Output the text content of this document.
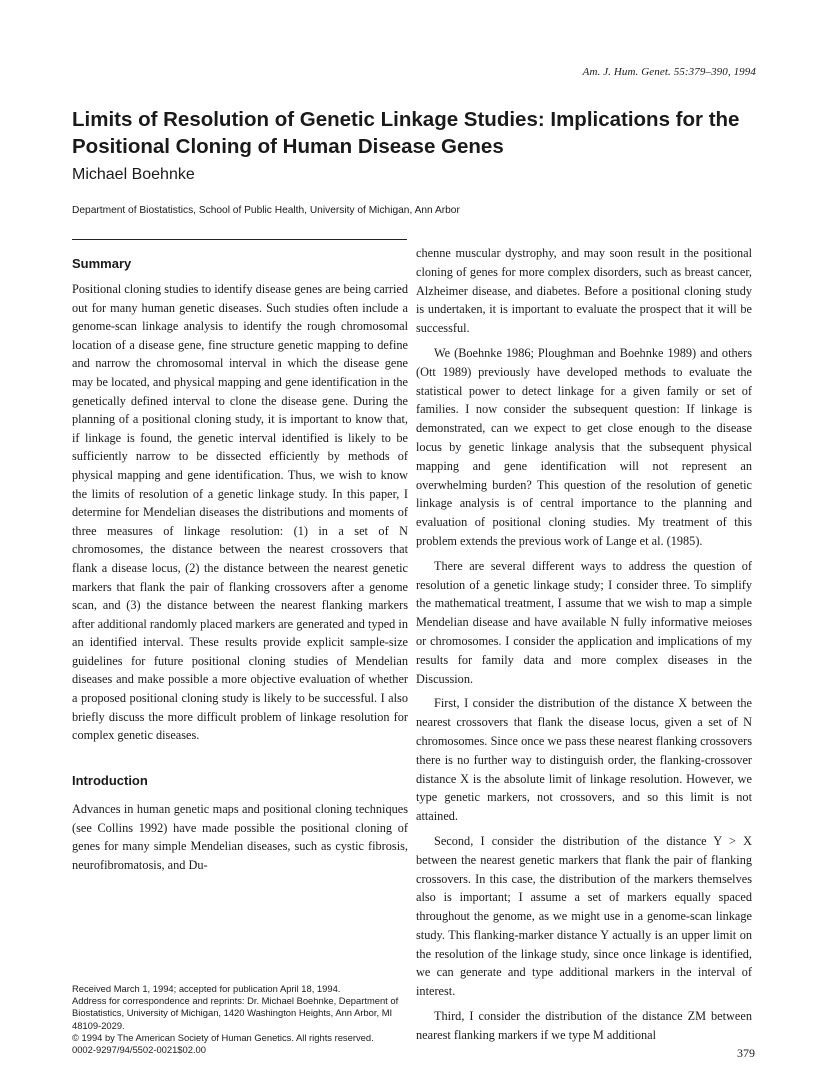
Am. J. Hum. Genet. 55:379–390, 1994
Limits of Resolution of Genetic Linkage Studies: Implications for the Positional Cloning of Human Disease Genes
Michael Boehnke
Department of Biostatistics, School of Public Health, University of Michigan, Ann Arbor
Summary

Positional cloning studies to identify disease genes are being carried out for many human genetic diseases. Such studies often include a genome-scan linkage analysis to identify the rough chromosomal location of a disease gene, fine structure genetic mapping to define and narrow the chromosomal interval in which the disease gene may be located, and physical mapping and gene identification in the genetically defined interval to clone the disease gene. During the planning of a positional cloning study, it is important to know that, if linkage is found, the genetic interval identified is likely to be sufficiently narrow to be dissected efficiently by methods of physical mapping and gene identification. Thus, we wish to know the limits of resolution of a genetic linkage study. In this paper, I determine for Mendelian diseases the distributions and moments of three measures of linkage resolution: (1) in a set of N chromosomes, the distance between the nearest crossovers that flank a disease locus, (2) the distance between the nearest genetic markers that flank the pair of flanking crossovers after a genome scan, and (3) the distance between the nearest flanking markers after additional randomly placed markers are generated and typed in an identified interval. These results provide explicit sample-size guidelines for future positional cloning studies of Mendelian diseases and make possible a more objective evaluation of whether a proposed positional cloning study is likely to be successful. I also briefly discuss the more difficult problem of linkage resolution for complex genetic diseases.

Introduction

Advances in human genetic maps and positional cloning techniques (see Collins 1992) have made possible the positional cloning of genes for many simple Mendelian diseases, such as cystic fibrosis, neurofibromatosis, and Du-

chenne muscular dystrophy, and may soon result in the positional cloning of genes for more complex disorders, such as breast cancer, Alzheimer disease, and diabetes. Before a positional cloning study is undertaken, it is important to evaluate the prospect that it will be successful.

We (Boehnke 1986; Ploughman and Boehnke 1989) and others (Ott 1989) previously have developed methods to evaluate the statistical power to detect linkage for a given family or set of families. I now consider the subsequent question: If linkage is demonstrated, can we expect to get close enough to the disease locus by genetic linkage analysis that the subsequent physical mapping and gene identification will not represent an overwhelming burden? This question of the resolution of genetic linkage analysis is of central importance to the planning and evaluation of positional cloning studies. My treatment of this problem extends the previous work of Lange et al. (1985).

There are several different ways to address the question of resolution of a genetic linkage study; I consider three. To simplify the mathematical treatment, I assume that we wish to map a simple Mendelian disease and have available N fully informative meioses or chromosomes. I consider the application and implications of my results for family data and more complex diseases in the Discussion.

First, I consider the distribution of the distance X between the nearest crossovers that flank the disease locus, given a set of N chromosomes. Since once we pass these nearest flanking crossovers there is no further way to distinguish order, the flanking-crossover distance X is the absolute limit of linkage resolution. However, we type genetic markers, not crossovers, and so this limit is not attained.

Second, I consider the distribution of the distance Y > X between the nearest genetic markers that flank the pair of flanking crossovers. In this case, the distribution of the markers themselves also is important; I assume a set of markers equally spaced throughout the genome, as we might use in a genome-scan linkage study. This flanking-marker distance Y actually is an upper limit on the resolution of the linkage study, since once linkage is identified, we can generate and type additional markers in the interval of interest.

Third, I consider the distribution of the distance ZM between nearest flanking markers if we type M additional

Received March 1, 1994; accepted for publication April 18, 1994.

Address for correspondence and reprints: Dr. Michael Boehnke, Department of Biostatistics, University of Michigan, 1420 Washington Heights, Ann Arbor, MI 48109-2029.

© 1994 by The American Society of Human Genetics. All rights reserved.

0002-9297/94/5502-0021$02.00	379
